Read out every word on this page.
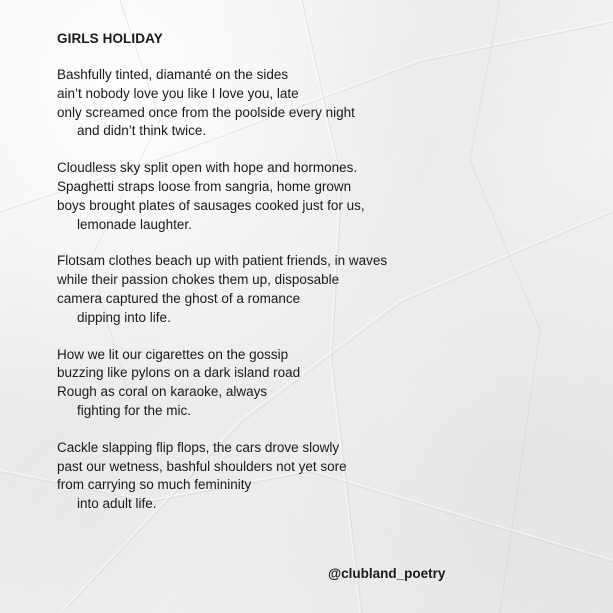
GIRLS HOLIDAY
Bashfully tinted, diamanté on the sides
ain’t nobody love you like I love you, late
only screamed once from the poolside every night
and didn’t think twice.
Cloudless sky split open with hope and hormones.
Spaghetti straps loose from sangria, home grown
boys brought plates of sausages cooked just for us,
lemonade laughter.
Flotsam clothes beach up with patient friends, in waves
while their passion chokes them up, disposable
camera captured the ghost of a romance
dipping into life.
How we lit our cigarettes on the gossip
buzzing like pylons on a dark island road
Rough as coral on karaoke, always
fighting for the mic.
Cackle slapping flip flops, the cars drove slowly
past our wetness, bashful shoulders not yet sore
from carrying so much femininity
into adult life.
@clubland_poetry
